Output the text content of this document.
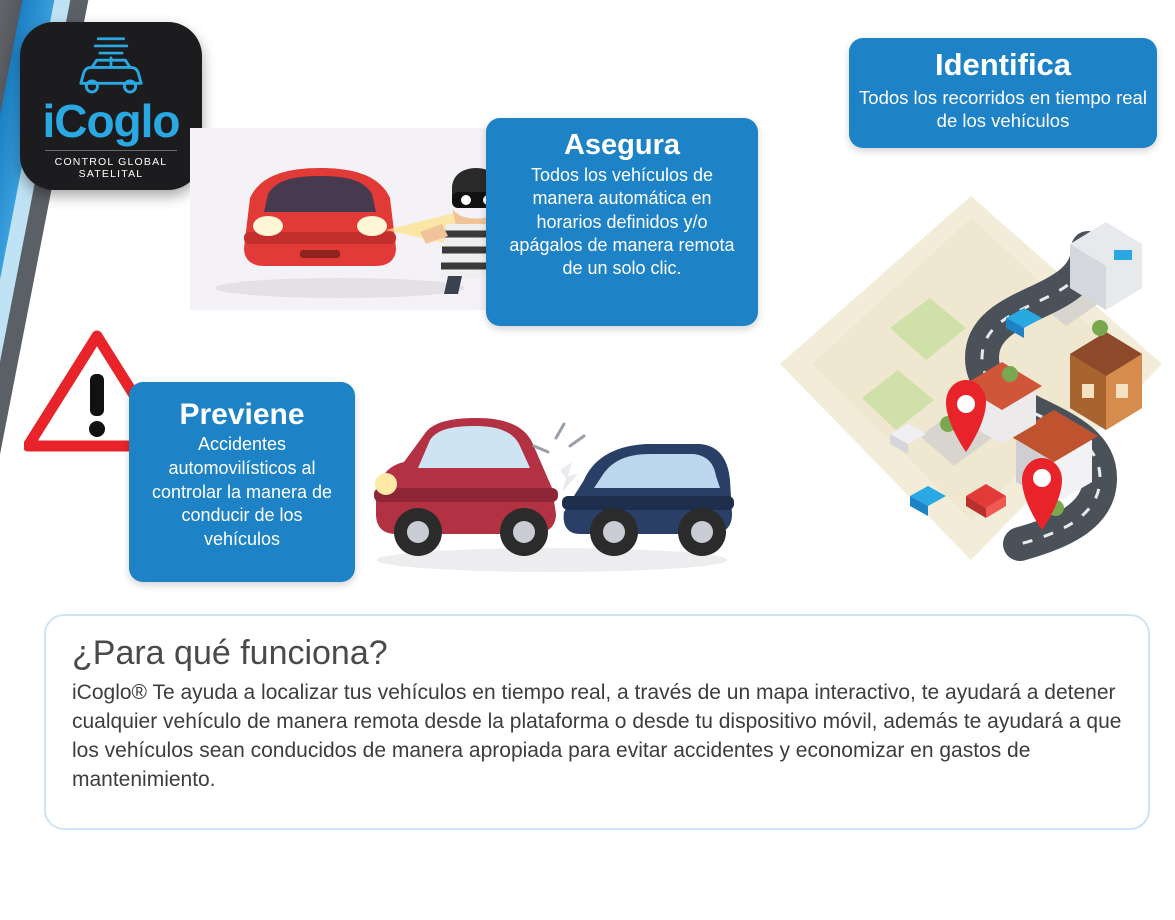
iCoglo
CONTROL GLOBAL SATELITAL
Identifica

Todos los recorridos en tiempo real de los vehículos

Asegura

Todos los vehículos de manera automática en horarios definidos y/o apágalos de manera remota de un solo clic.

Previene

Accidentes automovilísticos al controlar la manera de conducir de los vehículos

¿Para qué funciona?

iCoglo® Te ayuda a localizar tus vehículos en tiempo real, a través de un mapa interactivo, te ayudará a detener cualquier vehículo de manera remota desde la plataforma o desde tu dispositivo móvil, además te ayudará a que los vehículos sean conducidos de manera apropiada para evitar accidentes y economizar en gastos de mantenimiento.
